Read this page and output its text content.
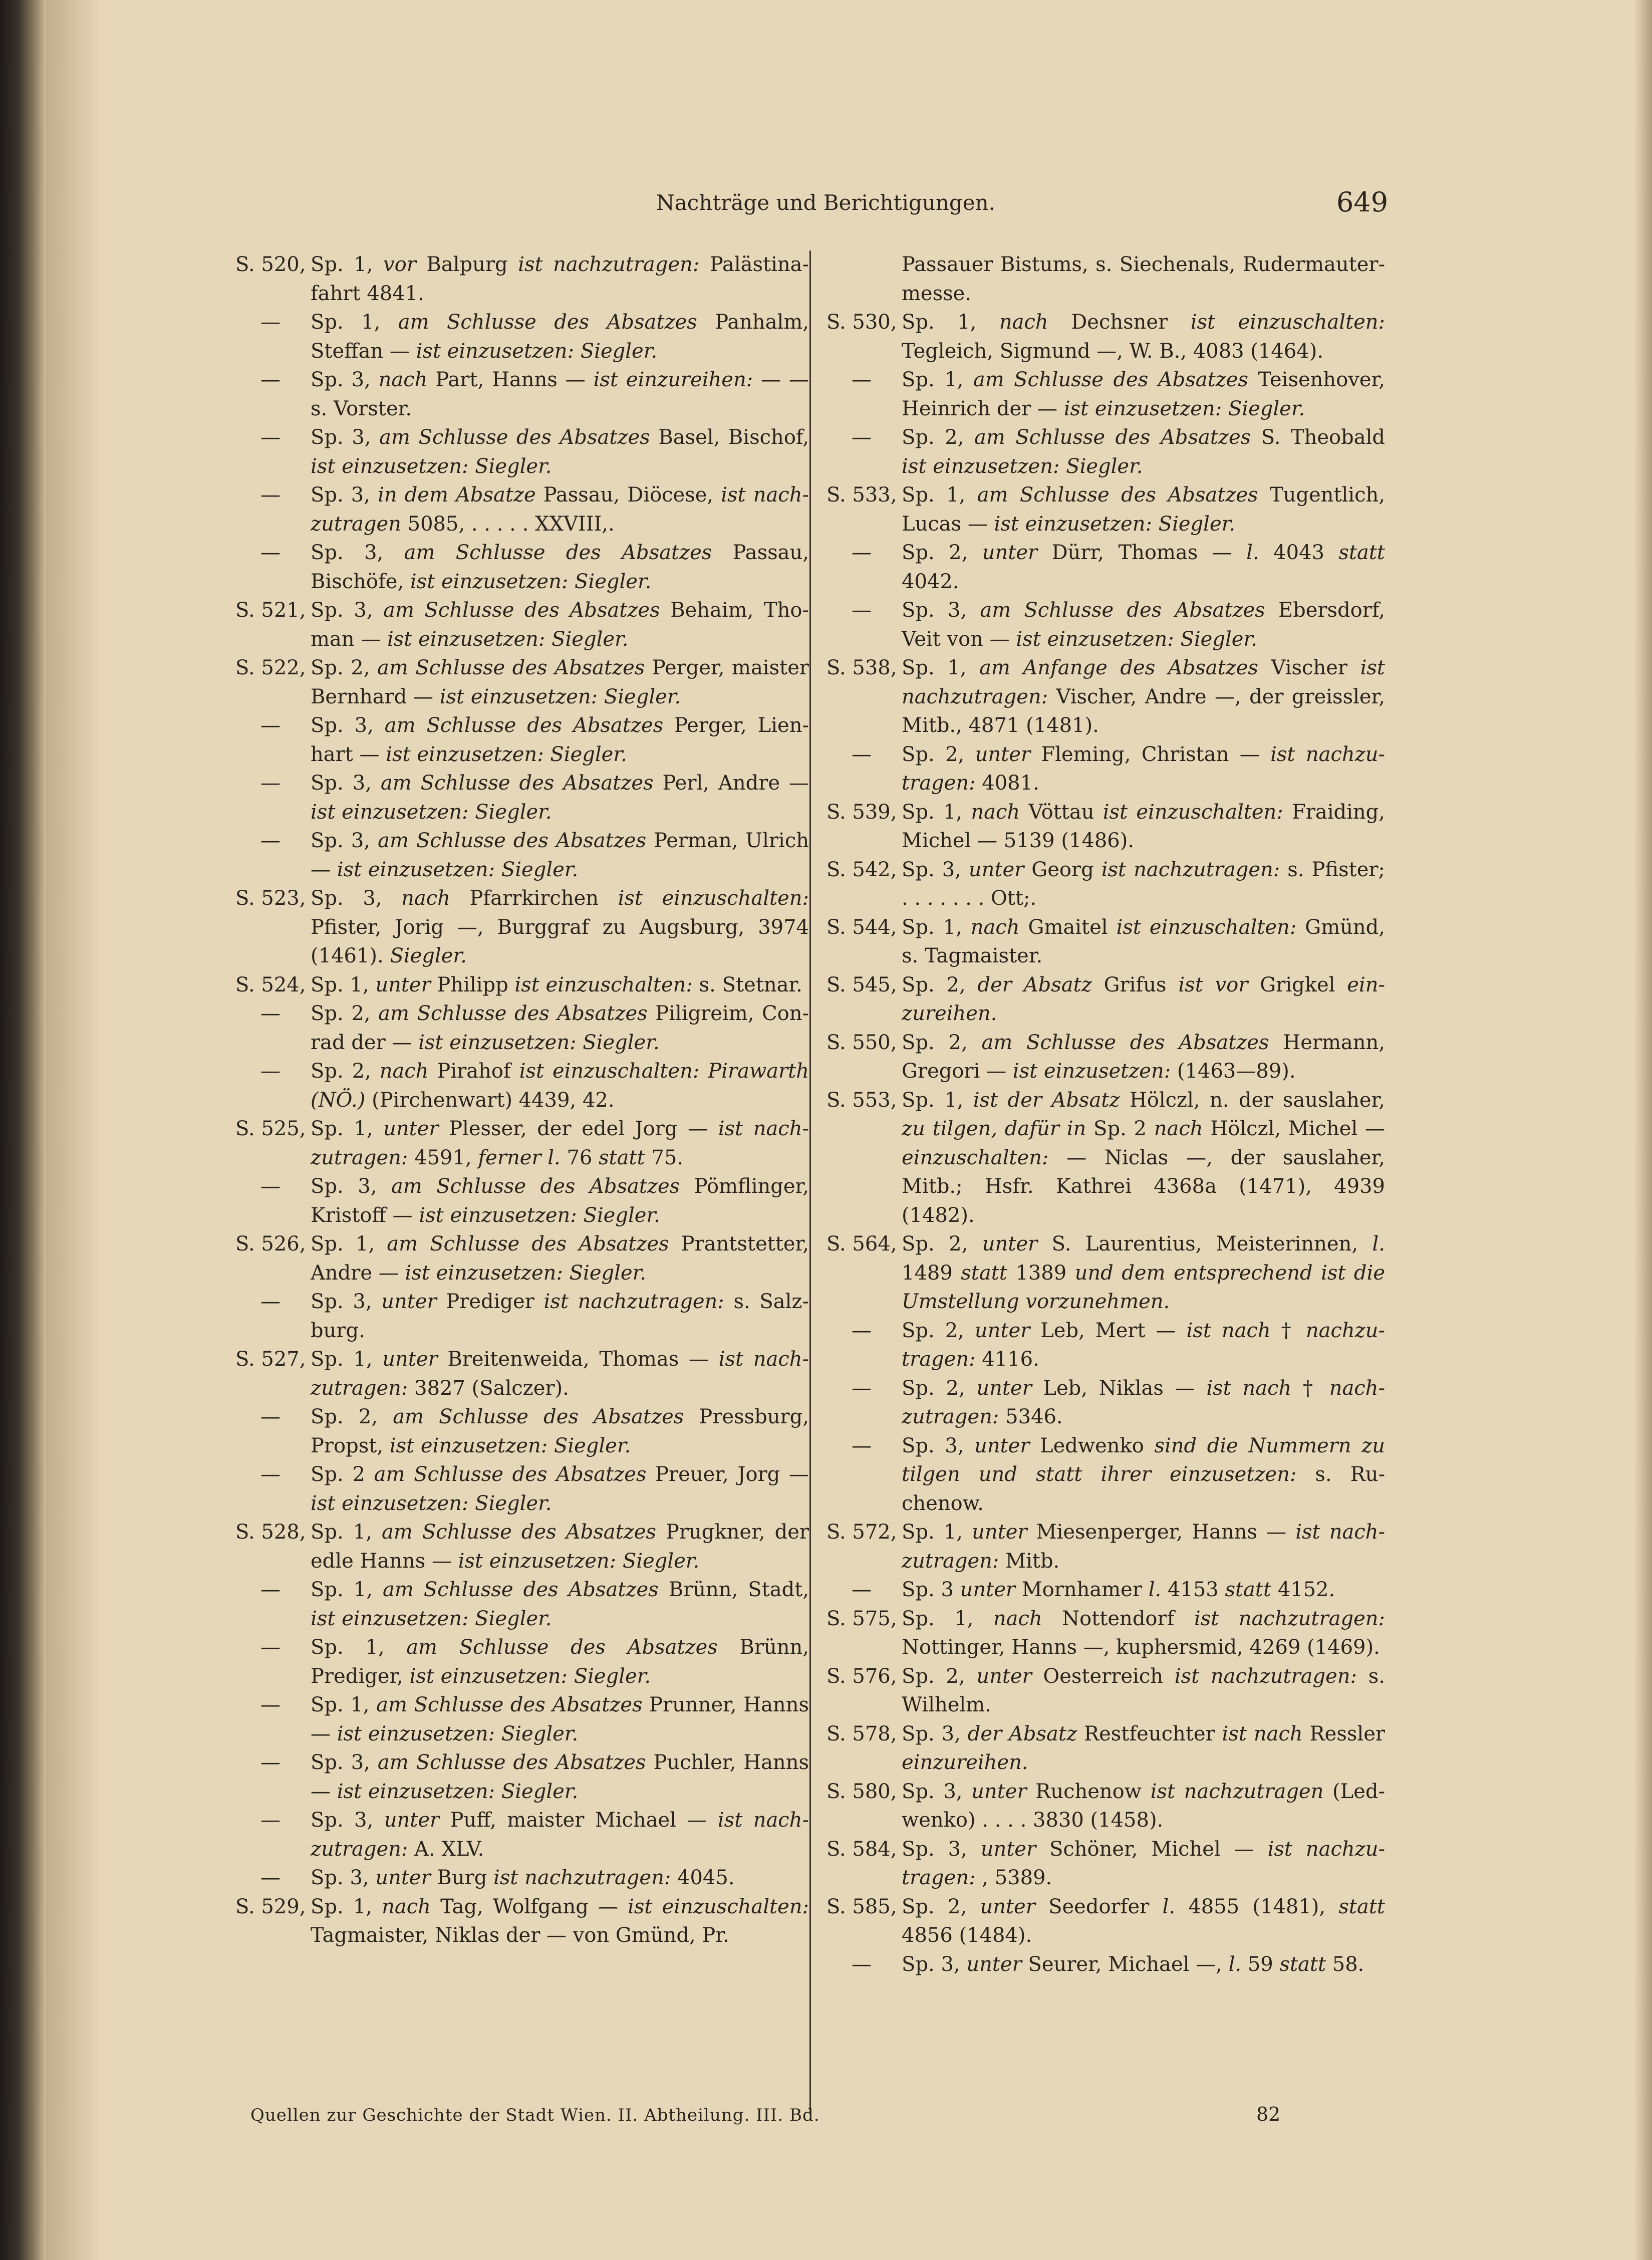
Nachträge und Berichtigungen.	649
S. 520, Sp. 1, vor Balpurg ist nachzutragen: Palästinafahrt 4841.
—	Sp. 1, am Schlusse des Absatzes Panhalm, Steffan — ist einzusetzen: Siegler.
—	Sp. 3, nach Part, Hanns — ist einzureihen: — — s. Vorster.
—	Sp. 3, am Schlusse des Absatzes Basel, Bischof, ist einzusetzen: Siegler.
—	Sp. 3, in dem Absatze Passau, Diöcese, ist nachzutragen 5085, . . . . . XXVIII,.
—	Sp. 3, am Schlusse des Absatzes Passau, Bischöfe, ist einzusetzen: Siegler.
S. 521, Sp. 3, am Schlusse des Absatzes Behaim, Thoman — ist einzusetzen: Siegler.
S. 522, Sp. 2, am Schlusse des Absatzes Perger, maister Bernhard — ist einzusetzen: Siegler.
—	Sp. 3, am Schlusse des Absatzes Perger, Lienhart — ist einzusetzen: Siegler.
—	Sp. 3, am Schlusse des Absatzes Perl, Andre — ist einzusetzen: Siegler.
—	Sp. 3, am Schlusse des Absatzes Perman, Ulrich — ist einzusetzen: Siegler.
S. 523, Sp. 3, nach Pfarrkirchen ist einzuschalten: Pfister, Jorig —, Burggraf zu Augsburg, 3974 (1461). Siegler.
S. 524, Sp. 1, unter Philipp ist einzuschalten: s. Stetnar.
—	Sp. 2, am Schlusse des Absatzes Piligreim, Conrad der — ist einzusetzen: Siegler.
—	Sp. 2, nach Pirahof ist einzuschalten: Pirawarth (NÖ.) (Pirchenwart) 4439, 42.
S. 525, Sp. 1, unter Plesser, der edel Jorg — ist nachzutragen: 4591, ferner l. 76 statt 75.
—	Sp. 3, am Schlusse des Absatzes Pömflinger, Kristoff — ist einzusetzen: Siegler.
S. 526, Sp. 1, am Schlusse des Absatzes Prantstetter, Andre — ist einzusetzen: Siegler.
—	Sp. 3, unter Prediger ist nachzutragen: s. Salzburg.
S. 527, Sp. 1, unter Breitenweida, Thomas — ist nachzutragen: 3827 (Salczer).
—	Sp. 2, am Schlusse des Absatzes Pressburg, Propst, ist einzusetzen: Siegler.
—	Sp. 2 am Schlusse des Absatzes Preuer, Jorg — ist einzusetzen: Siegler.
S. 528, Sp. 1, am Schlusse des Absatzes Prugkner, der edle Hanns — ist einzusetzen: Siegler.
—	Sp. 1, am Schlusse des Absatzes Brünn, Stadt, ist einzusetzen: Siegler.
—	Sp. 1, am Schlusse des Absatzes Brünn, Prediger, ist einzusetzen: Siegler.
—	Sp. 1, am Schlusse des Absatzes Prunner, Hanns — ist einzusetzen: Siegler.
—	Sp. 3, am Schlusse des Absatzes Puchler, Hanns — ist einzusetzen: Siegler.
—	Sp. 3, unter Puff, maister Michael — ist nachzutragen: A. XLV.
—	Sp. 3, unter Burg ist nachzutragen: 4045.
S. 529, Sp. 1, nach Tag, Wolfgang — ist einzuschalten: Tagmaister, Niklas der — von Gmünd, Pr.
Passauer Bistums, s. Siechenals, Rudermautermesse.
S. 530, Sp. 1, nach Dechsner ist einzuschalten: Tegleich, Sigmund —, W. B., 4083 (1464).
—	Sp. 1, am Schlusse des Absatzes Teisenhover, Heinrich der — ist einzusetzen: Siegler.
—	Sp. 2, am Schlusse des Absatzes S. Theobald ist einzusetzen: Siegler.
S. 533, Sp. 1, am Schlusse des Absatzes Tugentlich, Lucas — ist einzusetzen: Siegler.
—	Sp. 2, unter Dürr, Thomas — l. 4043 statt 4042.
—	Sp. 3, am Schlusse des Absatzes Ebersdorf, Veit von — ist einzusetzen: Siegler.
S. 538, Sp. 1, am Anfange des Absatzes Vischer ist nachzutragen: Vischer, Andre —, der greissler, Mitb., 4871 (1481).
—	Sp. 2, unter Fleming, Christan — ist nachzutragen: 4081.
S. 539, Sp. 1, nach Vöttau ist einzuschalten: Fraiding, Michel — 5139 (1486).
S. 542, Sp. 3, unter Georg ist nachzutragen: s. Pfister; . . . . . . . Ott;.
S. 544, Sp. 1, nach Gmaitel ist einzuschalten: Gmünd, s. Tagmaister.
S. 545, Sp. 2, der Absatz Grifus ist vor Grigkel einzureihen.
S. 550, Sp. 2, am Schlusse des Absatzes Hermann, Gregori — ist einzusetzen: (1463—89).
S. 553, Sp. 1, ist der Absatz Hölczl, n. der sauslaher, zu tilgen, dafür in Sp. 2 nach Hölczl, Michel — einzuschalten: — Niclas —, der sauslaher, Mitb.; Hsfr. Kathrei 4368a (1471), 4939 (1482).
S. 564, Sp. 2, unter S. Laurentius, Meisterinnen, l. 1489 statt 1389 und dem entsprechend ist die Umstellung vorzunehmen.
—	Sp. 2, unter Leb, Mert — ist nach † nachzutragen: 4116.
—	Sp. 2, unter Leb, Niklas — ist nach † nachzutragen: 5346.
—	Sp. 3, unter Ledwenko sind die Nummern zu tilgen und statt ihrer einzusetzen: s. Ruchenow.
S. 572, Sp. 1, unter Miesenperger, Hanns — ist nachzutragen: Mitb.
—	Sp. 3 unter Mornhamer l. 4153 statt 4152.
S. 575, Sp. 1, nach Nottendorf ist nachzutragen: Nottinger, Hanns —, kuphersmid, 4269 (1469).
S. 576, Sp. 2, unter Oesterreich ist nachzutragen: s. Wilhelm.
S. 578, Sp. 3, der Absatz Restfeuchter ist nach Ressler einzureihen.
S. 580, Sp. 3, unter Ruchenow ist nachzutragen (Ledwenko) . . . . 3830 (1458).
S. 584, Sp. 3, unter Schöner, Michel — ist nachzutragen: , 5389.
S. 585, Sp. 2, unter Seedorfer l. 4855 (1481), statt 4856 (1484).
—	Sp. 3, unter Seurer, Michael —, l. 59 statt 58.
Quellen zur Geschichte der Stadt Wien. II. Abtheilung. III. Bd.	82
